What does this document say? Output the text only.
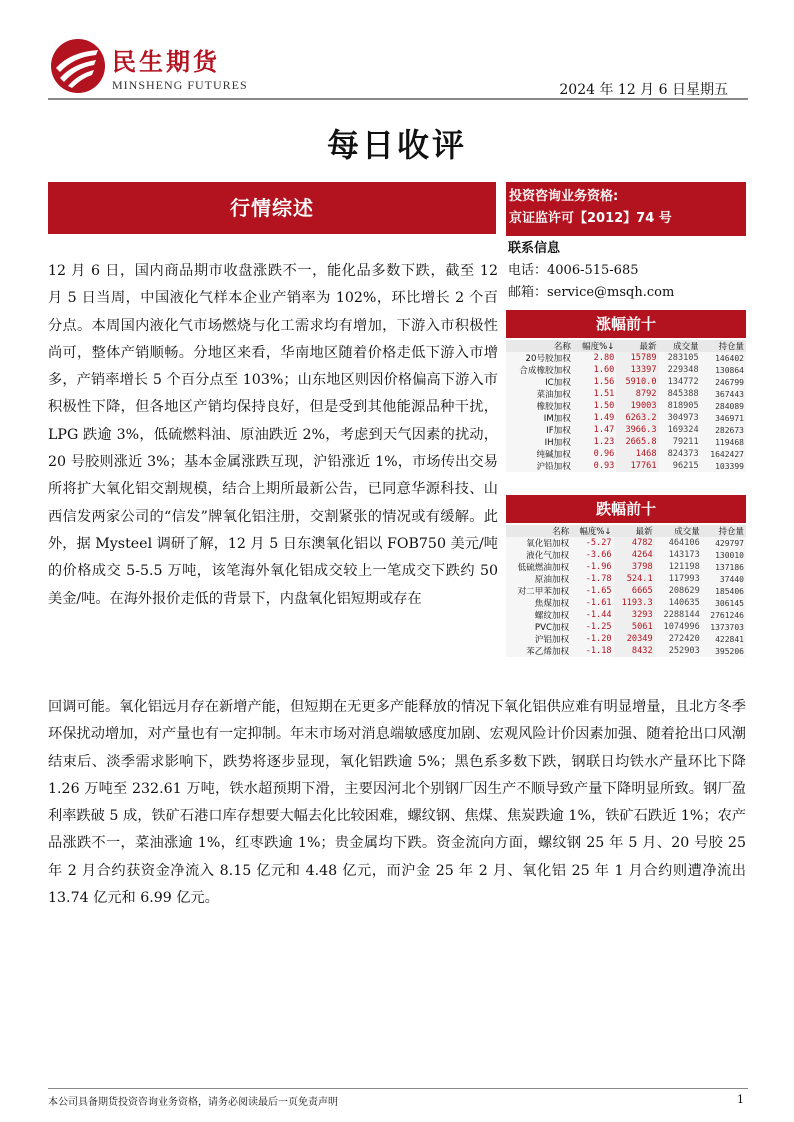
民生期货
MINSHENG FUTURES	2024 年 12 月 6 日星期五
每日收评
行情综述	投资咨询业务资格:
京证监许可【2012】74 号
联系信息
电话：4006-515-685
邮箱：service@msqh.com
12 月 6 日，国内商品期市收盘涨跌不一，能化品多数下跌，截至 12 月 5 日当周，中国液化气样本企业产销率为 102%，环比增长 2 个百分点。本周国内液化气市场燃烧与化工需求均有增加，下游入市积极性尚可，整体产销顺畅。分地区来看，华南地区随着价格走低下游入市增多，产销率增长 5 个百分点至 103%；山东地区则因价格偏高下游入市积极性下降，但各地区产销均保持良好，但是受到其他能源品种干扰，LPG 跌逾 3%，低硫燃料油、原油跌近 2%，考虑到天气因素的扰动，20 号胶则涨近 3%；基本金属涨跌互现，沪铅涨近 1%，市场传出交易所将扩大氧化铝交割规模，结合上期所最新公告，已同意华源科技、山西信发两家公司的“信发”牌氧化铝注册，交割紧张的情况或有缓解。此外，据 Mysteel 调研了解，12 月 5 日东澳氧化铝以 FOB750 美元/吨的价格成交 5-5.5 万吨，该笔海外氧化铝成交较上一笔成交下跌约 50 美金/吨。在海外报价走低的背景下，内盘氧化铝短期或存在
回调可能。氧化铝远月存在新增产能，但短期在无更多产能释放的情况下氧化铝供应难有明显增量，且北方冬季环保扰动增加，对产量也有一定抑制。年末市场对消息端敏感度加剧、宏观风险计价因素加强、随着抢出口风潮结束后、淡季需求影响下，跌势将逐步显现，氧化铝跌逾 5%；黑色系多数下跌，钢联日均铁水产量环比下降 1.26 万吨至 232.61 万吨，铁水超预期下滑，主要因河北个别钢厂因生产不顺导致产量下降明显所致。钢厂盈利率跌破 5 成，铁矿石港口库存想要大幅去化比较困难，螺纹钢、焦煤、焦炭跌逾 1%，铁矿石跌近 1%；农产品涨跌不一，菜油涨逾 1%，红枣跌逾 1%；贵金属均下跌。资金流向方面，螺纹钢 25 年 5 月、20 号胶 25 年 2 月合约获资金净流入 8.15 亿元和 4.48 亿元，而沪金 25 年 2 月、氧化铝 25 年 1 月合约则遭净流出 13.74 亿元和 6.99 亿元。
涨幅前十
名称	幅度%↓	最新	成交量	持仓量
20号胶加权	2.80	15789	283105	146402
合成橡胶加权	1.60	13397	229348	130864
IC加权	1.56	5910.0	134772	246799
菜油加权	1.51	8792	845388	367443
橡胶加权	1.50	19003	818905	284089
IM加权	1.49	6263.2	304973	346971
IF加权	1.47	3966.3	169324	282673
IH加权	1.23	2665.8	79211	119468
纯碱加权	0.96	1468	824373	1642427
沪铅加权	0.93	17761	96215	103399
跌幅前十
名称	幅度%↓	最新	成交量	持仓量
氧化铝加权	-5.27	4782	464106	429797
液化气加权	-3.66	4264	143173	130010
低硫燃油加权	-1.96	3798	121198	137186
原油加权	-1.78	524.1	117993	37440
对二甲苯加权	-1.65	6665	208629	185406
焦煤加权	-1.61	1193.3	140635	306145
螺纹加权	-1.44	3293	2288144	2761246
PVC加权	-1.25	5061	1074996	1373703
沪铝加权	-1.20	20349	272420	422841
苯乙烯加权	-1.18	8432	252903	395206
本公司具备期货投资咨询业务资格，请务必阅读最后一页免责声明	1
